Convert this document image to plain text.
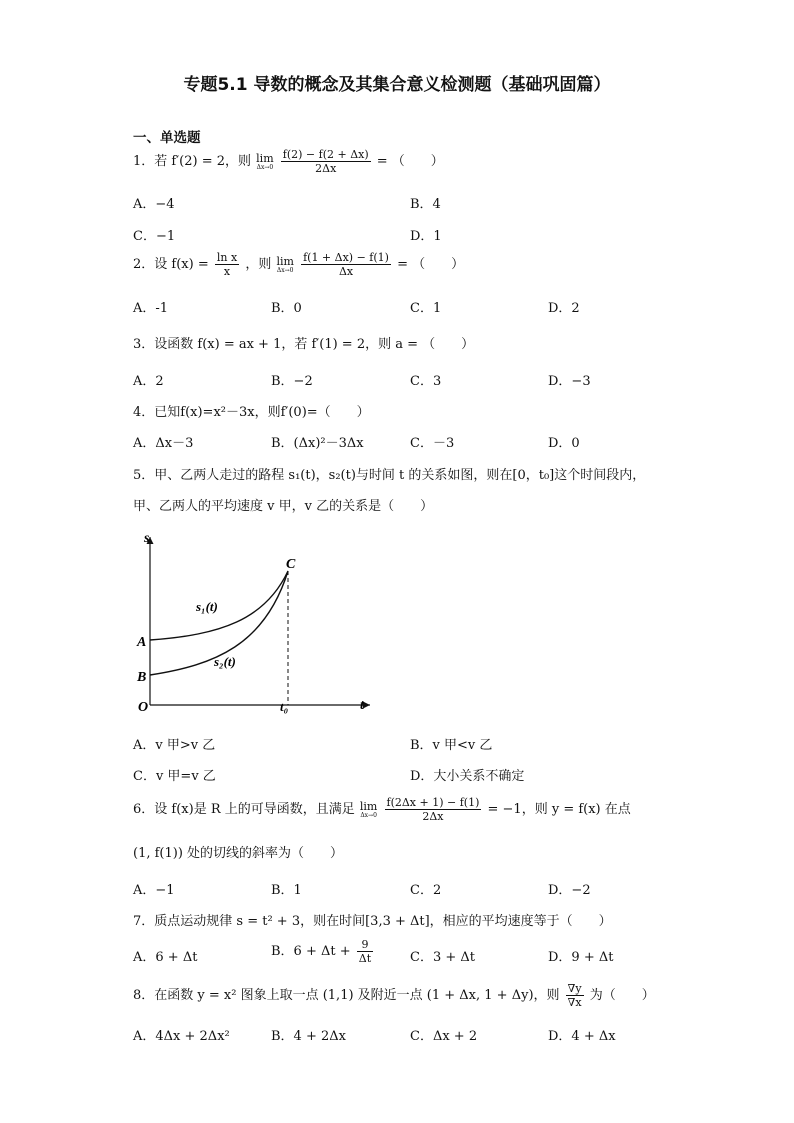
专题5.1 导数的概念及其集合意义检测题（基础巩固篇）
一、单选题
1．若 f′(2) = 2，则 lim
Δx→0
$\frac{f(2) - f(2 + \Delta x)}{2\Delta x}$ = （　　）
A．−4	B．4
C．−1	D．1
2．设 $f(x) = \frac{\text{ln x}}{x}$ ，则 lim
Δx→0
$\frac{f(1 + \Delta x) - f(1)}{\Delta x}$ = （　　）
A．-1	B．0	C．1	D．2
3．设函数 f(x) = ax + 1，若 f′(1) = 2，则 a = （　　）
A．2	B．−2	C．3	D．−3
4．已知f(x)=x²－3x，则f′(0)=（　　）
A．Δx－3	B．(Δx)²－3Δx	C．－3	D．0
5．甲、乙两人走过的路程 s₁(t)，s₂(t)与时间 t 的关系如图，则在[0，t₀]这个时间段内，
甲、乙两人的平均速度 v 甲，v 乙的关系是（　　）
s
t
O
A
B
C
t₀
s₁(t)
s₂(t)
A．v 甲>v 乙	B．v 甲<v 乙
C．v 甲=v 乙	D．大小关系不确定
6．设 f(x)是 R 上的可导函数，且满足 lim
Δx→0
$\frac{f(2\Delta x + 1) - f(1)}{2\Delta x} = -1$，则 y = f(x) 在点
(1, f(1)) 处的切线的斜率为（　　）
A．−1	B．1	C．2	D．−2
7．质点运动规律 s = t² + 3，则在时间[3,3 + Δt]，相应的平均速度等于（　　）
A．6 + Δt	B．$6 + \Delta t + \frac{9}{\Delta t}$	C．3 + Δt	D．9 + Δt
8．在函数 y = x² 图象上取一点 (1,1) 及附近一点 (1 + Δx, 1 + Δy)，则 $\frac{\nabla y}{\nabla x}$ 为（　　）
A．4Δx + 2Δx²	B．4 + 2Δx	C．Δx + 2	D．4 + Δx
